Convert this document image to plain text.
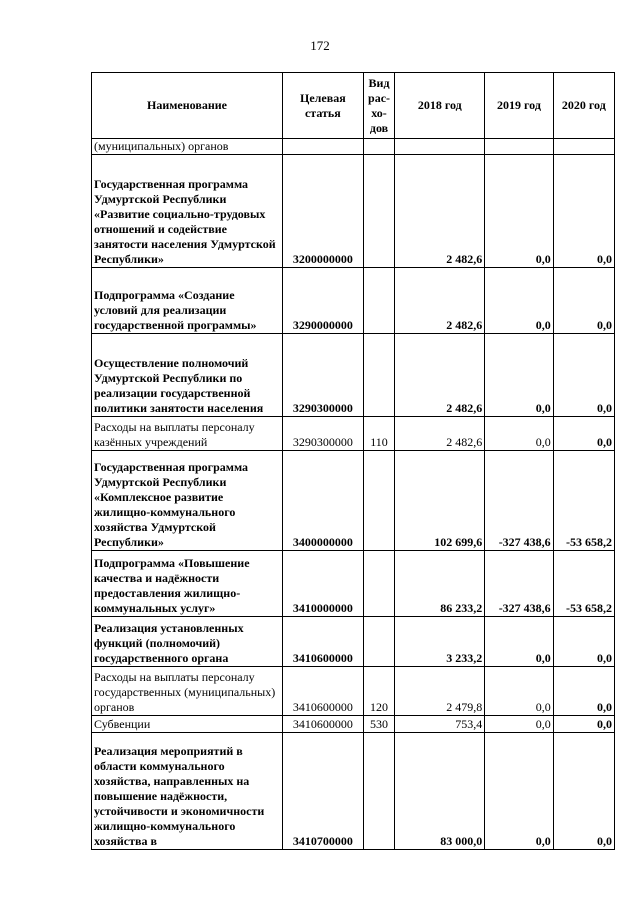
172
Наименование	Целевая статья	Вид рас-хо-дов	2018 год	2019 год	2020 год
(муниципальных) органов					
Государственная программа Удмуртской Республики «Развитие социально-трудовых отношений и содействие занятости населения Удмуртской Республики»	3200000000		2 482,6	0,0	0,0
Подпрограмма «Создание условий для реализации государственной программы»	3290000000		2 482,6	0,0	0,0
Осуществление полномочий Удмуртской Республики по реализации государственной политики занятости населения	3290300000		2 482,6	0,0	0,0
Расходы на выплаты персоналу казённых учреждений	3290300000	110	2 482,6	0,0	0,0
Государственная программа Удмуртской Республики «Комплексное развитие жилищно-коммунального хозяйства Удмуртской Республики»	3400000000		102 699,6	-327 438,6	-53 658,2
Подпрограмма «Повышение качества и надёжности предоставления жилищно-коммунальных услуг»	3410000000		86 233,2	-327 438,6	-53 658,2
Реализация установленных функций (полномочий) государственного органа	3410600000		3 233,2	0,0	0,0
Расходы на выплаты персоналу государственных (муниципальных) органов	3410600000	120	2 479,8	0,0	0,0
Субвенции	3410600000	530	753,4	0,0	0,0
Реализация мероприятий в области коммунального хозяйства, направленных на повышение надёжности, устойчивости и экономичности жилищно-коммунального хозяйства в	3410700000		83 000,0	0,0	0,0
